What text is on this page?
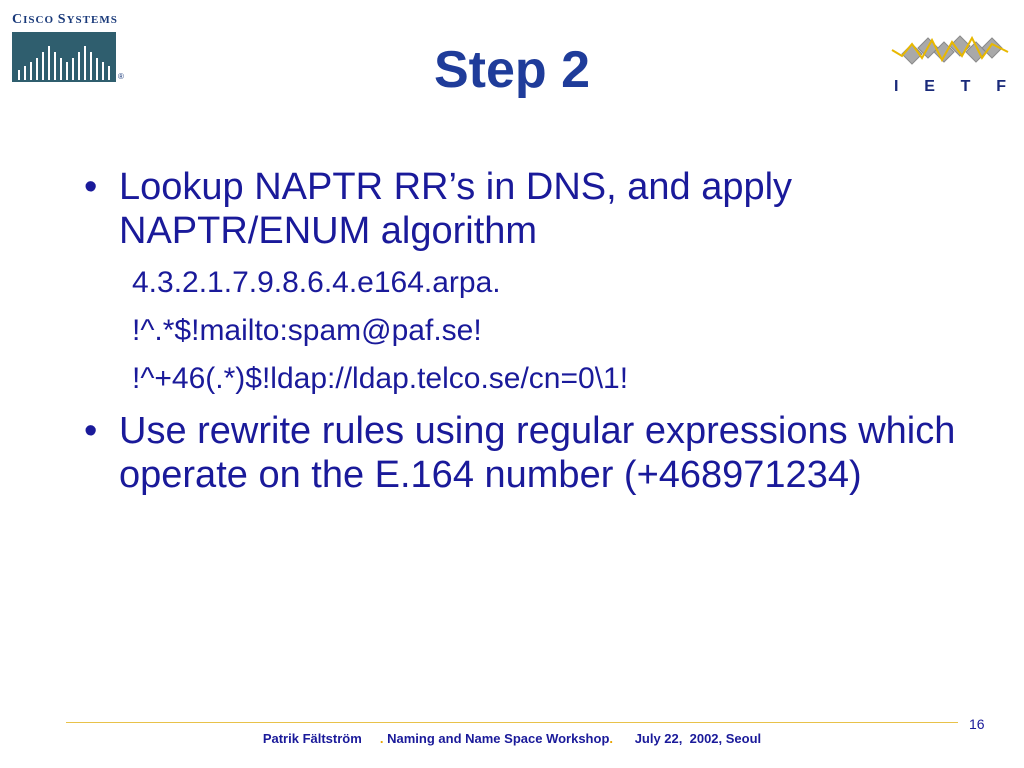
CISCO SYSTEMS
®	Step 2	I E T F
• Lookup NAPTR RR’s in DNS, and apply NAPTR/ENUM algorithm
4.3.2.1.7.9.8.6.4.e164.arpa.
!^.*$!mailto:spam@paf.se!
!^+46(.*)$!ldap://ldap.telco.se/cn=0\1!
• Use rewrite rules using regular expressions which operate on the E.164 number (+468971234)
16
Patrik Fältström . Naming and Name Space Workshop. July 22,  2002, Seoul
